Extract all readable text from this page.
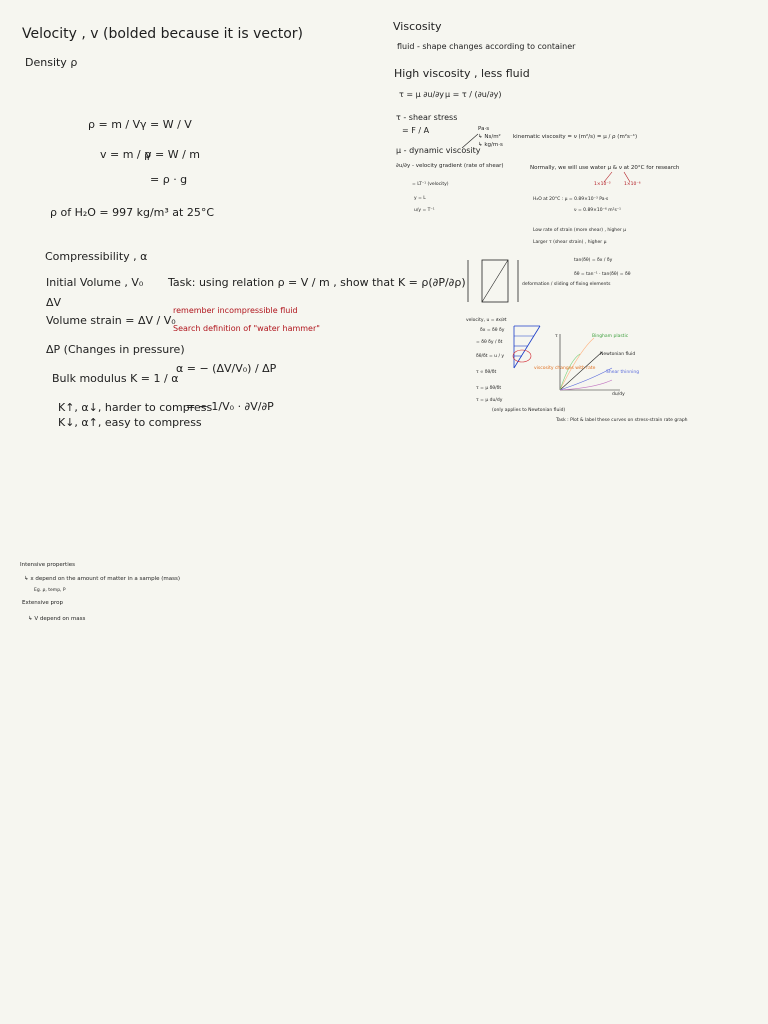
Velocity , v (bolded because it is vector)
Density ρ
ρ = m / V γ = W / V
v = m / ρ
γ = W / m
= ρ · g
ρ of H₂O = 997 kg/m³ at 25°C
Compressibility , α
Initial Volume , V₀
ΔV
Volume strain = ΔV / V₀
ΔP (Changes in pressure)
Bulk modulus K = 1 / α
K↑, α↓, harder to compress
K↓, α↑, easy to compress
Task: using relation ρ = V / m , show that K = ρ(∂P/∂ρ)
remember incompressible fluid
Search definition of "water hammer"
α = − (ΔV/V₀) / ΔP
= − 1/V₀ · ∂V/∂P
Intensive properties
↳ x depend on the amount of matter in a sample (mass)
Eg. ρ, temp, P
Extensive prop
↳ V depend on mass
Viscosity
fluid - shape changes according to container
High viscosity , less fluid
τ = μ ∂u/∂y μ = τ / (∂u/∂y)
τ - shear stress
= F / A	Pa·s
↳ Ns/m²
↳ kg/m·s
kinematic viscosity = ν (m²/s) = μ / ρ (m²s⁻¹)
μ - dynamic viscosity
∂u/∂y - velocity gradient (rate of shear)	Normally, we will use water μ & ν at 20°C for research
1×10⁻³	1×10⁻⁶
= LT⁻¹ (velocity)
y = L
u/y = T⁻¹
H₂O at 20°C : μ = 0.89×10⁻³ Pa·s
ν = 0.89×10⁻⁶ m²s⁻¹
Low rate of strain (more shear) , higher μ
Larger τ (shear strain) , higher μ
deformation / sliding of fixing elements
tan(δθ) = δx / δy
δθ = tan⁻¹ · tan(δθ) = δθ
velocity, u = ∂x/∂t
δx = δθ δy
= δθ δy / δt
δθ/δt = u / y
τ ∝ δθ/δt
τ = μ δθ/δt
τ = μ du/dy
(only applies to Newtonian fluid)
τ
du/dy
Bingham plastic
Newtonian fluid
Shear thinning
viscosity changes with rate
Task : Plot & label these curves on stress-strain rate graph
